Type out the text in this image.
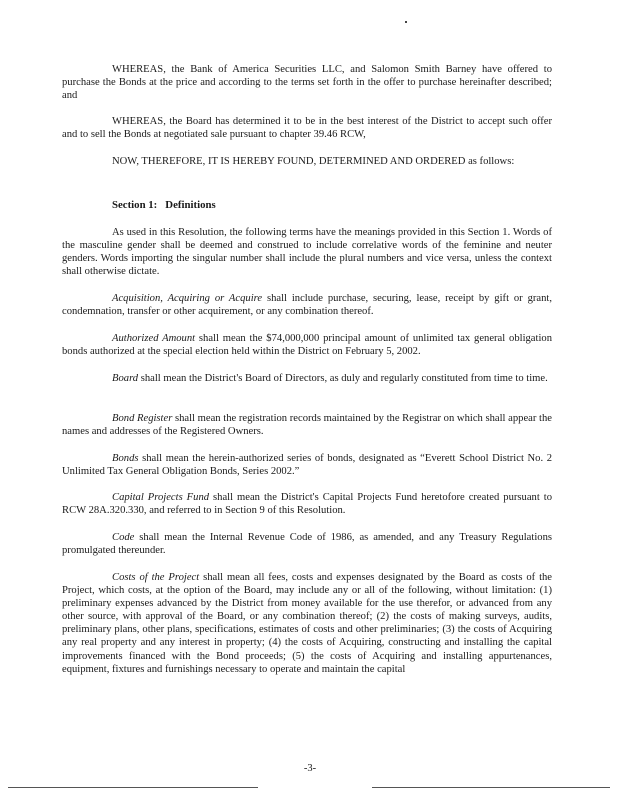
WHEREAS, the Bank of America Securities LLC, and Salomon Smith Barney have offered to purchase the Bonds at the price and according to the terms set forth in the offer to purchase hereinafter described; and

WHEREAS, the Board has determined it to be in the best interest of the District to accept such offer and to sell the Bonds at negotiated sale pursuant to chapter 39.46 RCW,

NOW, THEREFORE, IT IS HEREBY FOUND, DETERMINED AND ORDERED as follows:

Section 1: Definitions

As used in this Resolution, the following terms have the meanings provided in this Section 1. Words of the masculine gender shall be deemed and construed to include correlative words of the feminine and neuter genders. Words importing the singular number shall include the plural numbers and vice versa, unless the context shall otherwise dictate.

Acquisition, Acquiring or Acquire shall include purchase, securing, lease, receipt by gift or grant, condemnation, transfer or other acquirement, or any combination thereof.

Authorized Amount shall mean the $74,000,000 principal amount of unlimited tax general obligation bonds authorized at the special election held within the District on February 5, 2002.

Board shall mean the District's Board of Directors, as duly and regularly constituted from time to time.

Bond Register shall mean the registration records maintained by the Registrar on which shall appear the names and addresses of the Registered Owners.

Bonds shall mean the herein-authorized series of bonds, designated as “Everett School District No. 2 Unlimited Tax General Obligation Bonds, Series 2002.”

Capital Projects Fund shall mean the District's Capital Projects Fund heretofore created pursuant to RCW 28A.320.330, and referred to in Section 9 of this Resolution.

Code shall mean the Internal Revenue Code of 1986, as amended, and any Treasury Regulations promulgated thereunder.

Costs of the Project shall mean all fees, costs and expenses designated by the Board as costs of the Project, which costs, at the option of the Board, may include any or all of the following, without limitation: (1) preliminary expenses advanced by the District from money available for the use therefor, or advanced from any other source, with approval of the Board, or any combination thereof; (2) the costs of making surveys, audits, preliminary plans, other plans, specifications, estimates of costs and other preliminaries; (3) the costs of Acquiring any real property and any interest in property; (4) the costs of Acquiring, constructing and installing the capital improvements financed with the Bond proceeds; (5) the costs of Acquiring and installing appurtenances, equipment, fixtures and furnishings necessary to operate and maintain the capital

-3-
